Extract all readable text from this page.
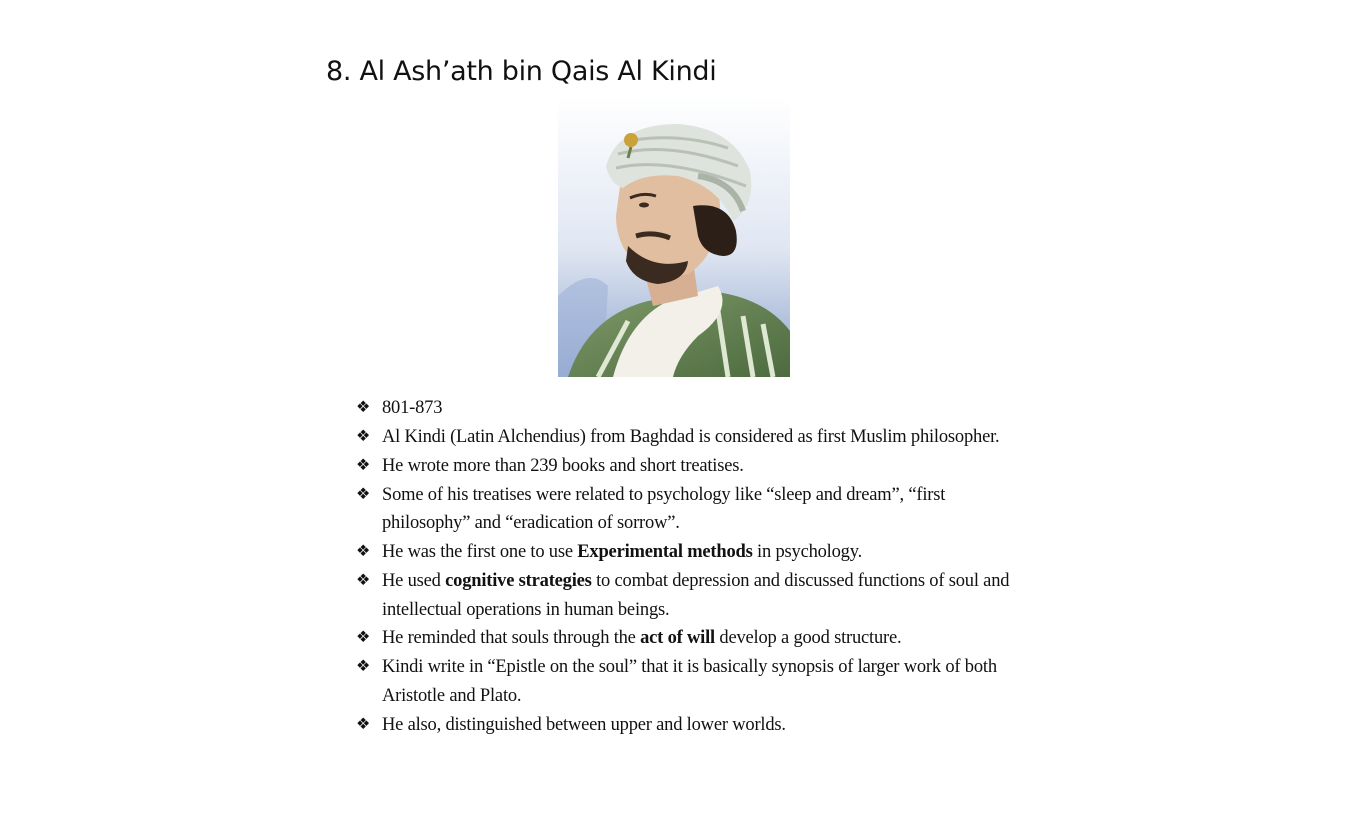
8. Al Ash’ath bin Qais Al Kindi
❖ 801-873
❖ Al Kindi (Latin Alchendius) from Baghdad is considered as first Muslim philosopher.
❖ He wrote more than 239 books and short treatises.
❖ Some of his treatises were related to psychology like “sleep and dream”, “first philosophy” and “eradication of sorrow”.
❖ He was the first one to use Experimental methods in psychology.
❖ He used cognitive strategies to combat depression and discussed functions of soul and intellectual operations in human beings.
❖ He reminded that souls through the act of will develop a good structure.
❖ Kindi write in “Epistle on the soul” that it is basically synopsis of larger work of both Aristotle and Plato.
❖ He also, distinguished between upper and lower worlds.
